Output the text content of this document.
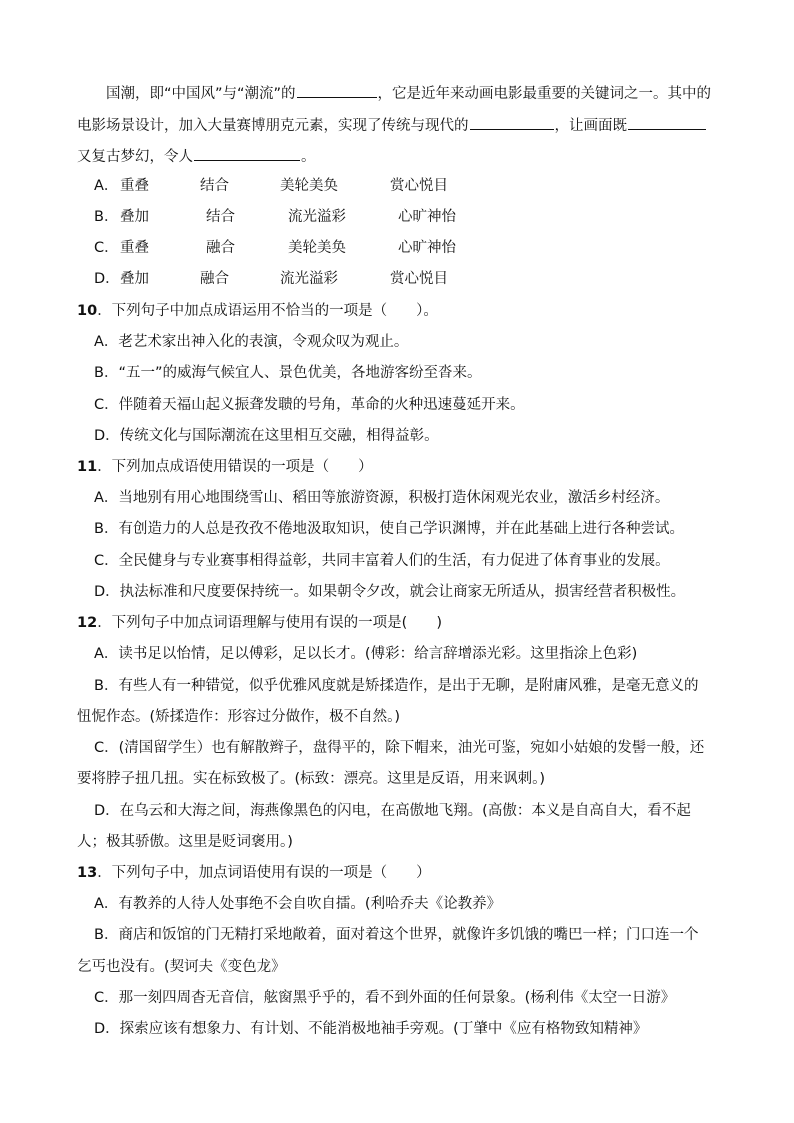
国潮，即“中国风”与“潮流”的	，它是近年来动画电影最重要的关键词之一。其中的
电影场景设计，加入大量赛博朋克元素，实现了传统与现代的	，让画面既
又复古梦幻，令人	。
A． 重叠	结合	美轮美奂	赏心悦目
B． 叠加	结合	流光溢彩	心旷神怡
C．重叠	融合	美轮美奂	心旷神怡
D．叠加	融合	流光溢彩	赏心悦目
10．下列句子中加点成语运用不恰当的一项是（　　）。
A．老艺术家出神入化的表演，令观众叹为观止。
B．“五一”的威海气候宜人、景色优美，各地游客纷至沓来。
C．伴随着天福山起义振聋发聩的号角，革命的火种迅速蔓延开来。
D．传统文化与国际潮流在这里相互交融，相得益彰。
11．下列加点成语使用错误的一项是（　　）
A．当地别有用心地围绕雪山、稻田等旅游资源，积极打造休闲观光农业，激活乡村经济。
B．有创造力的人总是孜孜不倦地汲取知识，使自己学识渊博，并在此基础上进行各种尝试。
C．全民健身与专业赛事相得益彰，共同丰富着人们的生活，有力促进了体育事业的发展。
D．执法标准和尺度要保持统一。如果朝令夕改，就会让商家无所适从，损害经营者积极性。
12．下列句子中加点词语理解与使用有误的一项是(　　)
A．读书足以怡情，足以傅彩，足以长才。(傅彩：给言辞增添光彩。这里指涂上色彩)
B．有些人有一种错觉，似乎优雅风度就是矫揉造作，是出于无聊，是附庸风雅，是毫无意义的
忸怩作态。(矫揉造作：形容过分做作，极不自然。)
C．(清国留学生）也有解散辫子，盘得平的，除下帽来，油光可鉴，宛如小姑娘的发髻一般，还
要将脖子扭几扭。实在标致极了。(标致：漂亮。这里是反语，用来讽刺。)
D．在乌云和大海之间，海燕像黑色的闪电，在高傲地飞翔。(高傲：本义是自高自大，看不起
人；极其骄傲。这里是贬词褒用。)
13．下列句子中，加点词语使用有误的一项是（　　）
A．有教养的人待人处事绝不会自吹自擂。(利哈乔夫《论教养》
B．商店和饭馆的门无精打采地敞着，面对着这个世界，就像许多饥饿的嘴巴一样；门口连一个
乞丐也没有。(契诃夫《变色龙》
C．那一刻四周杳无音信，舷窗黑乎乎的，看不到外面的任何景象。(杨利伟《太空一日游》
D．探索应该有想象力、有计划、不能消极地袖手旁观。(丁肇中《应有格物致知精神》
